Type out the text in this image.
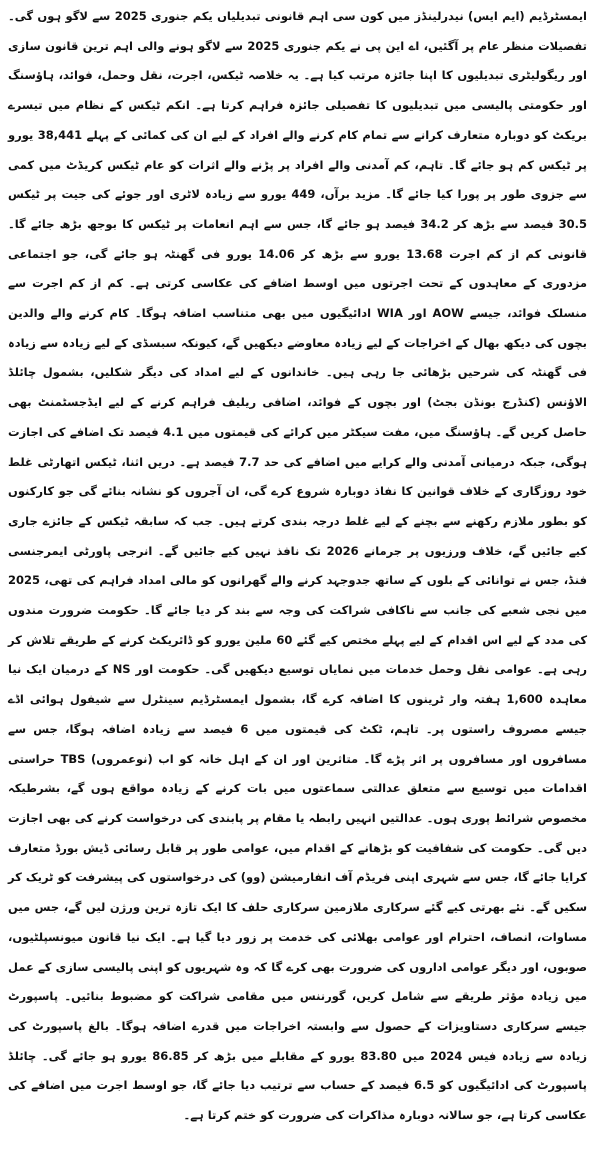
ایمسٹرڈیم (ایم ایس) نیدرلینڈز میں کون سی اہم قانونی تبدیلیاں یکم جنوری 2025 سے لاگو ہوں گی۔ تفصیلات منظر عام پر آگئیں، اے این پی نے یکم جنوری 2025 سے لاگو ہونے والی اہم ترین قانون سازی اور ریگولیٹری تبدیلیوں کا اپنا جائزہ مرتب کیا ہے۔ یہ خلاصہ ٹیکس، اجرت، نقل وحمل، فوائد، ہاؤسنگ اور حکومتی پالیسی میں تبدیلیوں کا تفصیلی جائزہ فراہم کرتا ہے۔ انکم ٹیکس کے نظام میں تیسرے بریکٹ کو دوبارہ متعارف کرانے سے تمام کام کرنے والے افراد کے لیے ان کی کمائی کے پہلے 38,441 یورو پر ٹیکس کم ہو جائے گا۔ تاہم، کم آمدنی والے افراد پر پڑنے والے اثرات کو عام ٹیکس کریڈٹ میں کمی سے جزوی طور پر پورا کیا جائے گا۔ مزید برآں، 449 یورو سے زیادہ لاٹری اور جوئے کی جیت پر ٹیکس 30.5 فیصد سے بڑھ کر 34.2 فیصد ہو جائے گا، جس سے اہم انعامات پر ٹیکس کا بوجھ بڑھ جائے گا۔ قانونی کم از کم اجرت 13.68 یورو سے بڑھ کر 14.06 یورو فی گھنٹہ ہو جائے گی، جو اجتماعی مزدوری کے معاہدوں کے تحت اجرتوں میں اوسط اضافے کی عکاسی کرتی ہے۔ کم از کم اجرت سے منسلک فوائد، جیسے AOW اور WIA ادائیگیوں میں بھی متناسب اضافہ ہوگا۔ کام کرنے والے والدین بچوں کی دیکھ بھال کے اخراجات کے لیے زیادہ معاوضے دیکھیں گے، کیونکہ سبسڈی کے لیے زیادہ سے زیادہ فی گھنٹہ کی شرحیں بڑھائی جا رہی ہیں۔ خاندانوں کے لیے امداد کی دیگر شکلیں، بشمول چائلڈ الاؤنس (کنڈرج بونڈن بجٹ) اور بچوں کے فوائد، اضافی ریلیف فراہم کرنے کے لیے ایڈجسٹمنٹ بھی حاصل کریں گے۔ ہاؤسنگ میں، مفت سیکٹر میں کرائے کی قیمتوں میں 4.1 فیصد تک اضافے کی اجازت ہوگی، جبکہ درمیانی آمدنی والے کرایے میں اضافے کی حد 7.7 فیصد ہے۔ دریں اثنا، ٹیکس اتھارٹی غلط خود روزگاری کے خلاف قوانین کا نفاذ دوبارہ شروع کرے گی، ان آجروں کو نشانہ بنائے گی جو کارکنوں کو بطور ملازم رکھنے سے بچنے کے لیے غلط درجہ بندی کرتے ہیں۔ جب کہ سابقہ ٹیکس کے جائزے جاری کیے جائیں گے، خلاف ورزیوں پر جرمانے 2026 تک نافذ نہیں کیے جائیں گے۔ انرجی پاورٹی ایمرجنسی فنڈ، جس نے توانائی کے بلوں کے ساتھ جدوجہد کرنے والے گھرانوں کو مالی امداد فراہم کی تھی، 2025 میں نجی شعبے کی جانب سے ناکافی شراکت کی وجہ سے بند کر دیا جائے گا۔ حکومت ضرورت مندوں کی مدد کے لیے اس اقدام کے لیے پہلے مختص کیے گئے 60 ملین یورو کو ڈائریکٹ کرنے کے طریقے تلاش کر رہی ہے۔ عوامی نقل وحمل خدمات میں نمایاں توسیع دیکھیں گی۔ حکومت اور NS کے درمیان ایک نیا معاہدہ 1,600 ہفتہ وار ٹرینوں کا اضافہ کرے گا، بشمول ایمسٹرڈیم سینٹرل سے شیفول ہوائی اڈے جیسے مصروف راستوں پر۔ تاہم، ٹکٹ کی قیمتوں میں 6 فیصد سے زیادہ اضافہ ہوگا، جس سے مسافروں اور مسافروں پر اثر پڑے گا۔ متاثرین اور ان کے اہل خانہ کو اب (نوعمروں) TBS حراستی اقدامات میں توسیع سے متعلق عدالتی سماعتوں میں بات کرنے کے زیادہ مواقع ہوں گے، بشرطیکہ مخصوص شرائط پوری ہوں۔ عدالتیں انہیں رابطہ یا مقام پر پابندی کی درخواست کرنے کی بھی اجازت دیں گی۔ حکومت کی شفافیت کو بڑھانے کے اقدام میں، عوامی طور پر قابل رسائی ڈیش بورڈ متعارف کرایا جائے گا، جس سے شہری اپنی فریڈم آف انفارمیشن (وو) کی درخواستوں کی پیشرفت کو ٹریک کر سکیں گے۔ نئے بھرتی کیے گئے سرکاری ملازمین سرکاری حلف کا ایک تازہ ترین ورژن لیں گے، جس میں مساوات، انصاف، احترام اور عوامی بھلائی کی خدمت پر زور دیا گیا ہے۔ ایک نیا قانون میونسپلٹیوں، صوبوں، اور دیگر عوامی اداروں کی ضرورت بھی کرے گا کہ وہ شہریوں کو اپنی پالیسی سازی کے عمل میں زیادہ مؤثر طریقے سے شامل کریں، گورننس میں مقامی شراکت کو مضبوط بنائیں۔ پاسپورٹ جیسے سرکاری دستاویزات کے حصول سے وابستہ اخراجات میں قدرے اضافہ ہوگا۔ بالغ پاسپورٹ کی زیادہ سے زیادہ فیس 2024 میں 83.80 یورو کے مقابلے میں بڑھ کر 86.85 یورو ہو جائے گی۔ چائلڈ پاسپورٹ کی ادائیگیوں کو 6.5 فیصد کے حساب سے ترتیب دیا جائے گا، جو اوسط اجرت میں اضافے کی عکاسی کرتا ہے، جو سالانہ دوبارہ مذاکرات کی ضرورت کو ختم کرتا ہے۔
